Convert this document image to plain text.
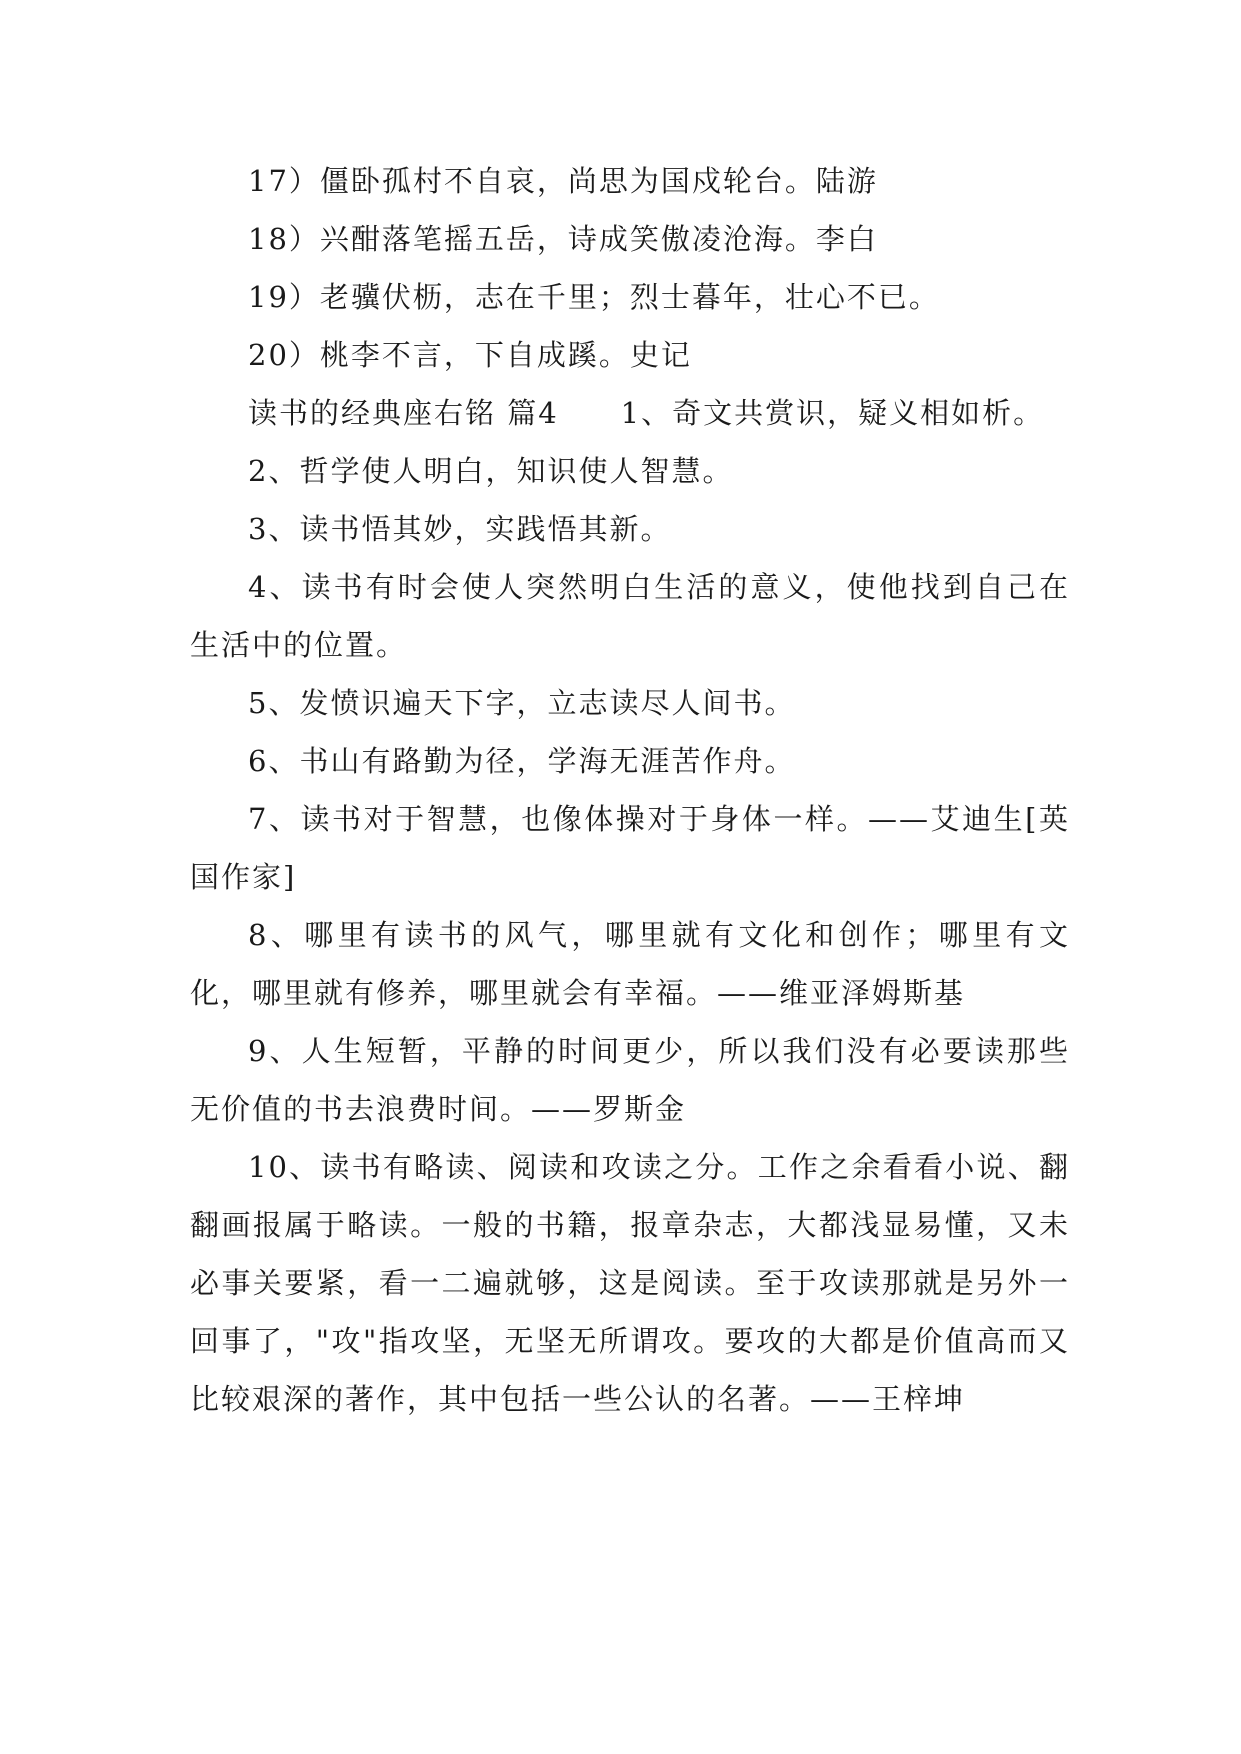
17）僵卧孤村不自哀，尚思为国戍轮台。陆游

18）兴酣落笔摇五岳，诗成笑傲凌沧海。李白

19）老骥伏枥，志在千里；烈士暮年，壮心不已。

20）桃李不言，下自成蹊。史记

读书的经典座右铭 篇4　　1、奇文共赏识，疑义相如析。

2、哲学使人明白，知识使人智慧。

3、读书悟其妙，实践悟其新。

4、读书有时会使人突然明白生活的意义，使他找到自己在生活中的位置。

5、发愤识遍天下字，立志读尽人间书。

6、书山有路勤为径，学海无涯苦作舟。

7、读书对于智慧，也像体操对于身体一样。——艾迪生[英国作家]

8、哪里有读书的风气，哪里就有文化和创作；哪里有文化，哪里就有修养，哪里就会有幸福。——维亚泽姆斯基

9、人生短暂，平静的时间更少，所以我们没有必要读那些无价值的书去浪费时间。——罗斯金

10、读书有略读、阅读和攻读之分。工作之余看看小说、翻翻画报属于略读。一般的书籍，报章杂志，大都浅显易懂，又未必事关要紧，看一二遍就够，这是阅读。至于攻读那就是另外一回事了，"攻"指攻坚，无坚无所谓攻。要攻的大都是价值高而又比较艰深的著作，其中包括一些公认的名著。——王梓坤
